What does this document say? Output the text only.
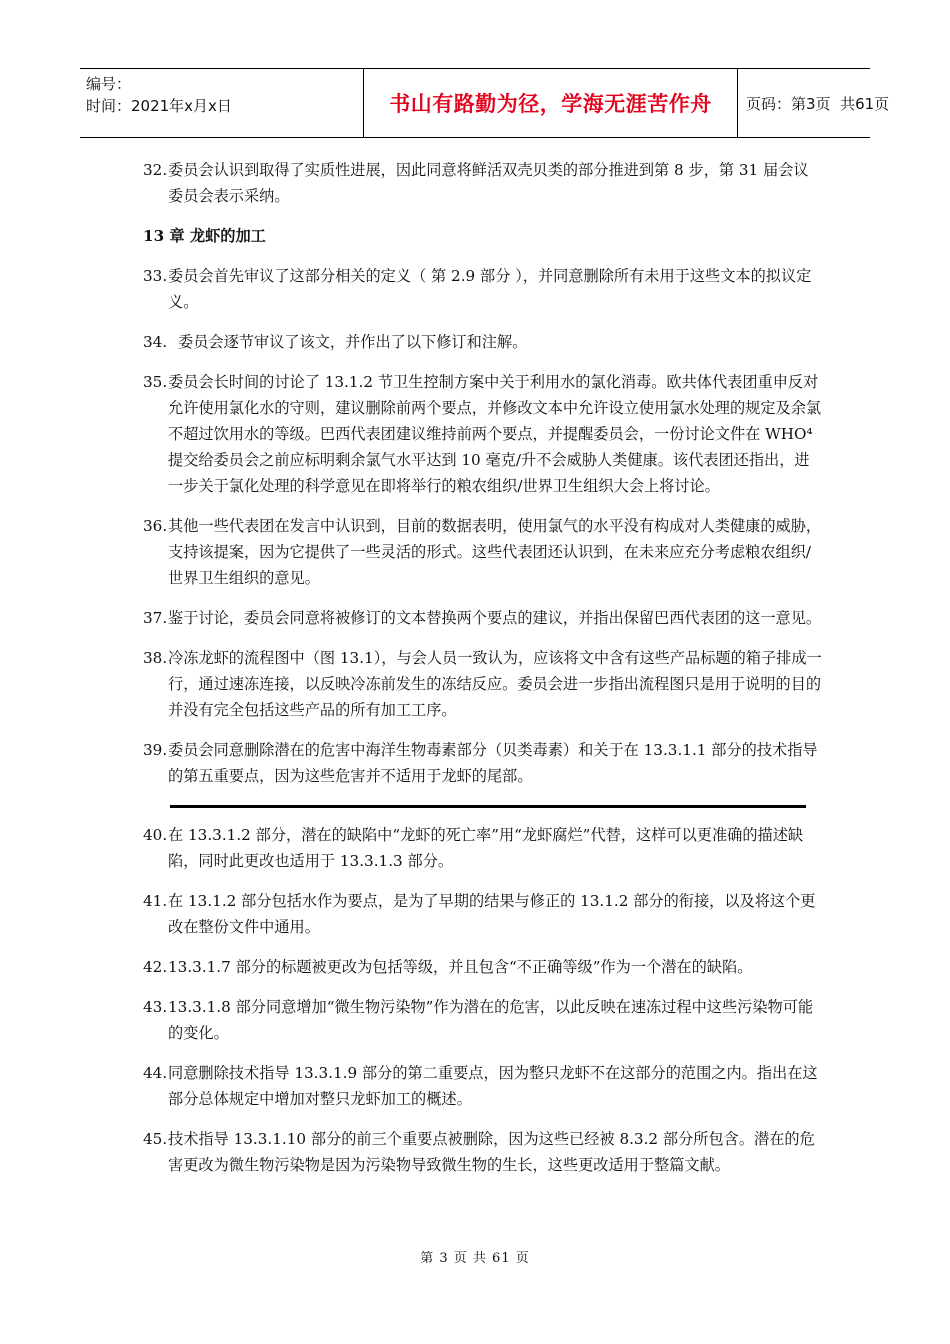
编号：
时间：2021年x月x日	书山有路勤为径，学海无涯苦作舟	页码：第3页  共61页
32. 委员会认识到取得了实质性进展，因此同意将鲜活双壳贝类的部分推进到第 8 步，第 31 届会议委员会表示采纳。
13 章 龙虾的加工
33. 委员会首先审议了这部分相关的定义（ 第 2.9 部分 ），并同意删除所有未用于这些文本的拟议定义。
34. 委员会逐节审议了该文，并作出了以下修订和注解。
35. 委员会长时间的讨论了 13.1.2 节卫生控制方案中关于利用水的氯化消毒。欧共体代表团重申反对允许使用氯化水的守则，建议删除前两个要点，并修改文本中允许设立使用氯水处理的规定及余氯不超过饮用水的等级。巴西代表团建议维持前两个要点，并提醒委员会，一份讨论文件在 WHO⁴ 提交给委员会之前应标明剩余氯气水平达到 10 毫克/升不会威胁人类健康。该代表团还指出，进一步关于氯化处理的科学意见在即将举行的粮农组织/世界卫生组织大会上将讨论。
36. 其他一些代表团在发言中认识到，目前的数据表明，使用氯气的水平没有构成对人类健康的威胁，支持该提案，因为它提供了一些灵活的形式。这些代表团还认识到，在未来应充分考虑粮农组织/世界卫生组织的意见。
37. 鉴于讨论，委员会同意将被修订的文本替换两个要点的建议，并指出保留巴西代表团的这一意见。
38. 冷冻龙虾的流程图中（图 13.1），与会人员一致认为，应该将文中含有这些产品标题的箱子排成一行，通过速冻连接，以反映冷冻前发生的冻结反应。委员会进一步指出流程图只是用于说明的目的并没有完全包括这些产品的所有加工工序。
39. 委员会同意删除潜在的危害中海洋生物毒素部分（贝类毒素）和关于在 13.3.1.1 部分的技术指导的第五重要点，因为这些危害并不适用于龙虾的尾部。
40. 在 13.3.1.2 部分，潜在的缺陷中“龙虾的死亡率”用“龙虾腐烂”代替，这样可以更准确的描述缺陷，同时此更改也适用于 13.3.1.3 部分。
41. 在 13.1.2 部分包括水作为要点，是为了早期的结果与修正的 13.1.2 部分的衔接，以及将这个更改在整份文件中通用。
42. 13.3.1.7 部分的标题被更改为包括等级，并且包含“不正确等级”作为一个潜在的缺陷。
43. 13.3.1.8 部分同意增加“微生物污染物”作为潜在的危害，以此反映在速冻过程中这些污染物可能的变化。
44. 同意删除技术指导 13.3.1.9 部分的第二重要点，因为整只龙虾不在这部分的范围之内。指出在这部分总体规定中增加对整只龙虾加工的概述。
45. 技术指导 13.3.1.10 部分的前三个重要点被删除，因为这些已经被 8.3.2 部分所包含。潜在的危害更改为微生物污染物是因为污染物导致微生物的生长，这些更改适用于整篇文献。
第 3 页 共 61 页
